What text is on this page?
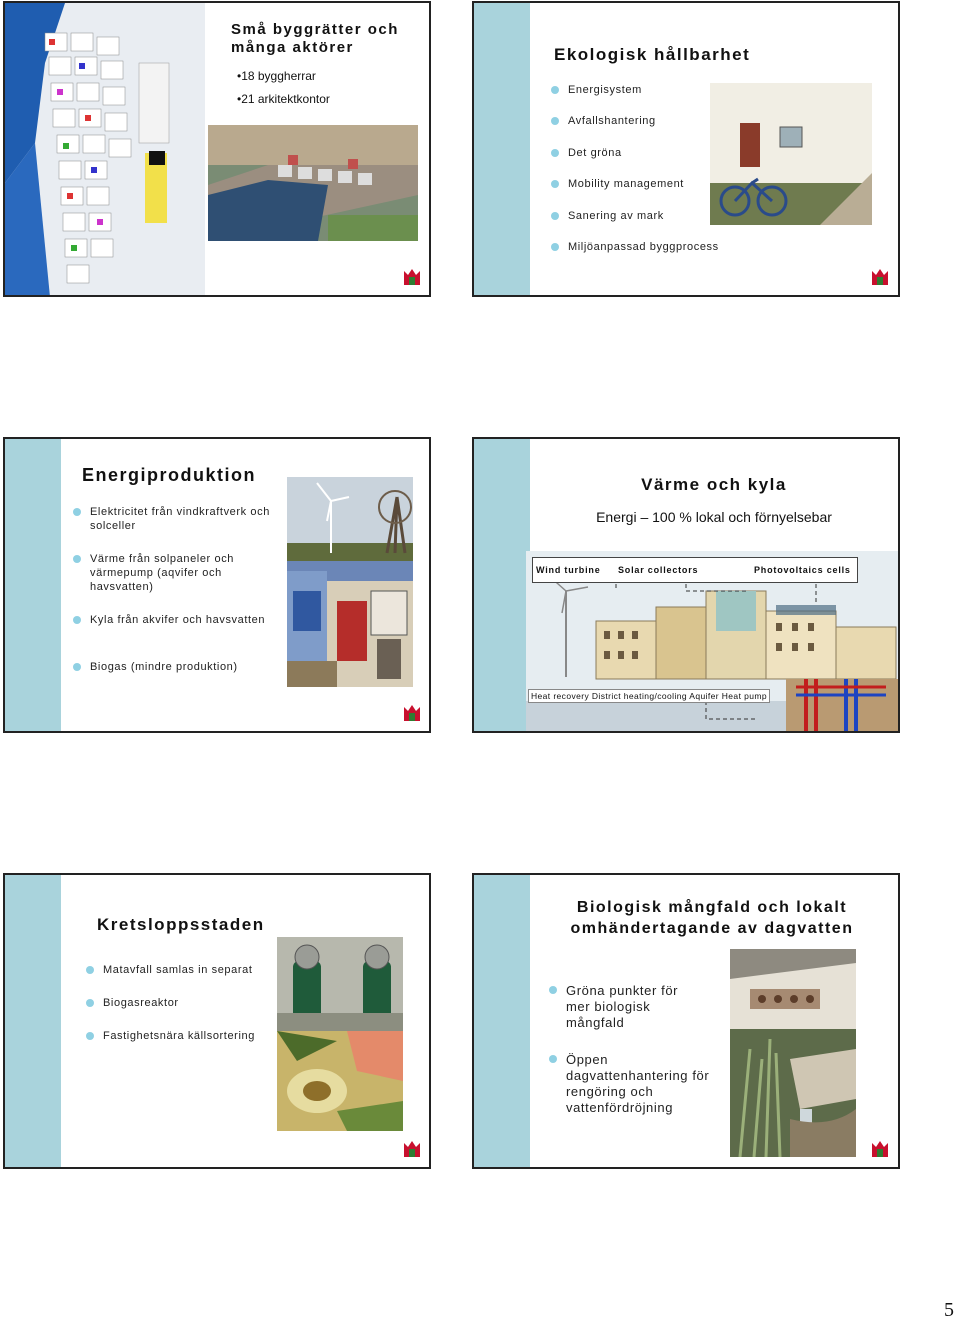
Små byggrätter och många aktörer
•18 byggherrar
•21 arkitektkontor
Ekologisk hållbarhet
Energisystem
Avfallshantering
Det gröna
Mobility management
Sanering av mark
Miljöanpassad byggprocess
Energiproduktion
Elektricitet från vindkraftverk och solceller
Värme från solpaneler och värmepump (aqvifer och havsvatten)
Kyla från akvifer och havsvatten
Biogas (mindre produktion)
Värme och kyla
Energi – 100 % lokal och förnyelsebar
Wind turbine Solar collectors	Photovoltaics cells
Heat recovery District heating/cooling Aquifer Heat pump
Kretsloppsstaden
Matavfall samlas in separat
Biogasreaktor
Fastighetsnära källsortering
Biologisk mångfald och lokalt omhändertagande av dagvatten
Gröna punkter för mer biologisk mångfald
Öppen dagvattenhantering för rengöring och vattenfördröjning
5
